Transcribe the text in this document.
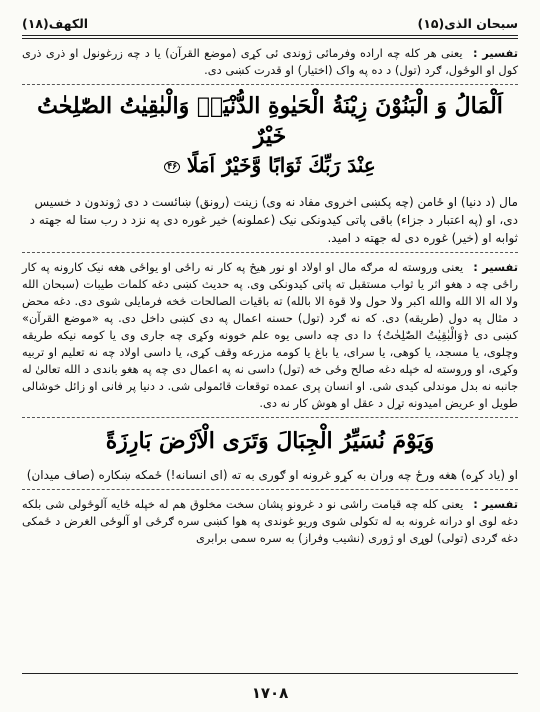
سبحان الذی(۱۵)
الکهف(۱۸)

تفسیر : یعنی هر کله چه اراده وفرمائی ژوندی ئی کړی (موضع القرآن) یا د چه زرغونول او ذری ذری کول او الوځول، ګرد (تول) د ده په واک (اختیار) او قدرت کښی دی.

اَلْمَالُ وَ الْبَنُوْنَ زِیْنَةُ الْحَیٰوةِ الدُّنْیَاۚ وَالْبٰقِیٰتُ الصّٰلِحٰتُ خَیْرٌ

عِنْدَ رَبِّكَ ثَوَابًا وَّخَیْرٌ اَمَلًا ۴۶

مال (د دنیا) او ځامن (چه پکښی اخروی مفاد نه وی) زینت (رونق) ښائست د دی ژوندون د خسیس دی، او (په اعتبار د جزاء) باقی پاتی کیدونکی نیک (عملونه) خیر غوره دی په نزد د رب ستا له جهته د ثوابه او (خیر) غوره دی له جهته د امید.

تفسیر : یعنی وروسته له مرګه مال او اولاد او نور هیڅ په کار نه راځی او یواځی هغه نیک کارونه په کار راځی چه د هغو اثر یا ثواب مستقبل ته پاتی کیدونکی وی. په حدیث کښی دغه کلمات طیبات (سبحان الله ولا اله الا الله والله اکبر ولا حول ولا قوة الا بالله) ته باقیات الصالحات څخه فرمایلی شوی دی. دغه محض د مثال په دول (طریقه) دی. که نه ګرد (تول) حسنه اعمال په دی کښی داخل دی. په «موضع القرآن» کښی دی ﴿وَالْبٰقِیٰتُ الصّٰلِحٰتُ﴾ دا دی چه داسی یوه علم خوونه وکړی چه جاری وی یا کومه نیکه طریقه وچلوی، یا مسجد، یا کوهی، یا سرای، یا باغ یا کومه مزرعه وقف کړی، یا داسی اولاد چه نه تعلیم او تربیه وکړی، او وروسته له خپله دغه صالح وځی خه (تول) داسی نه په اعمال دی چه په هغو باندی د الله تعالیٰ له جانبه نه بدل موندلی کیدی شی. او انسان پری عمده توقعات قائمولی شی. د دنیا پر فانی او زائل خوشالی طویل او عریض امیدونه تړل د عقل او هوش کار نه دی.

وَیَوْمَ نُسَیِّرُ الْجِبَالَ وَتَرَی الْاَرْضَ بَارِزَةً

او (یاد کړه) هغه ورځ چه وران به کړو غرونه او ګوری به ته (ای انسانه!) ځمکه ښکاره (صاف میدان)

تفسیر : یعنی کله چه قیامت راشی نو د غرونو پشان سخت مخلوق هم له خپله ځایه آلوځولی شی بلکه دغه لوی او درانه غرونه به له تکولی شوی وریو غوندی په هوا کښی سره ګرځی او آلوځی الغرض د ځمکی دغه ګردی (تولی) لوړی او ژوری (نشیب وفراز) به سره سمی برابری

۱۷۰۸
